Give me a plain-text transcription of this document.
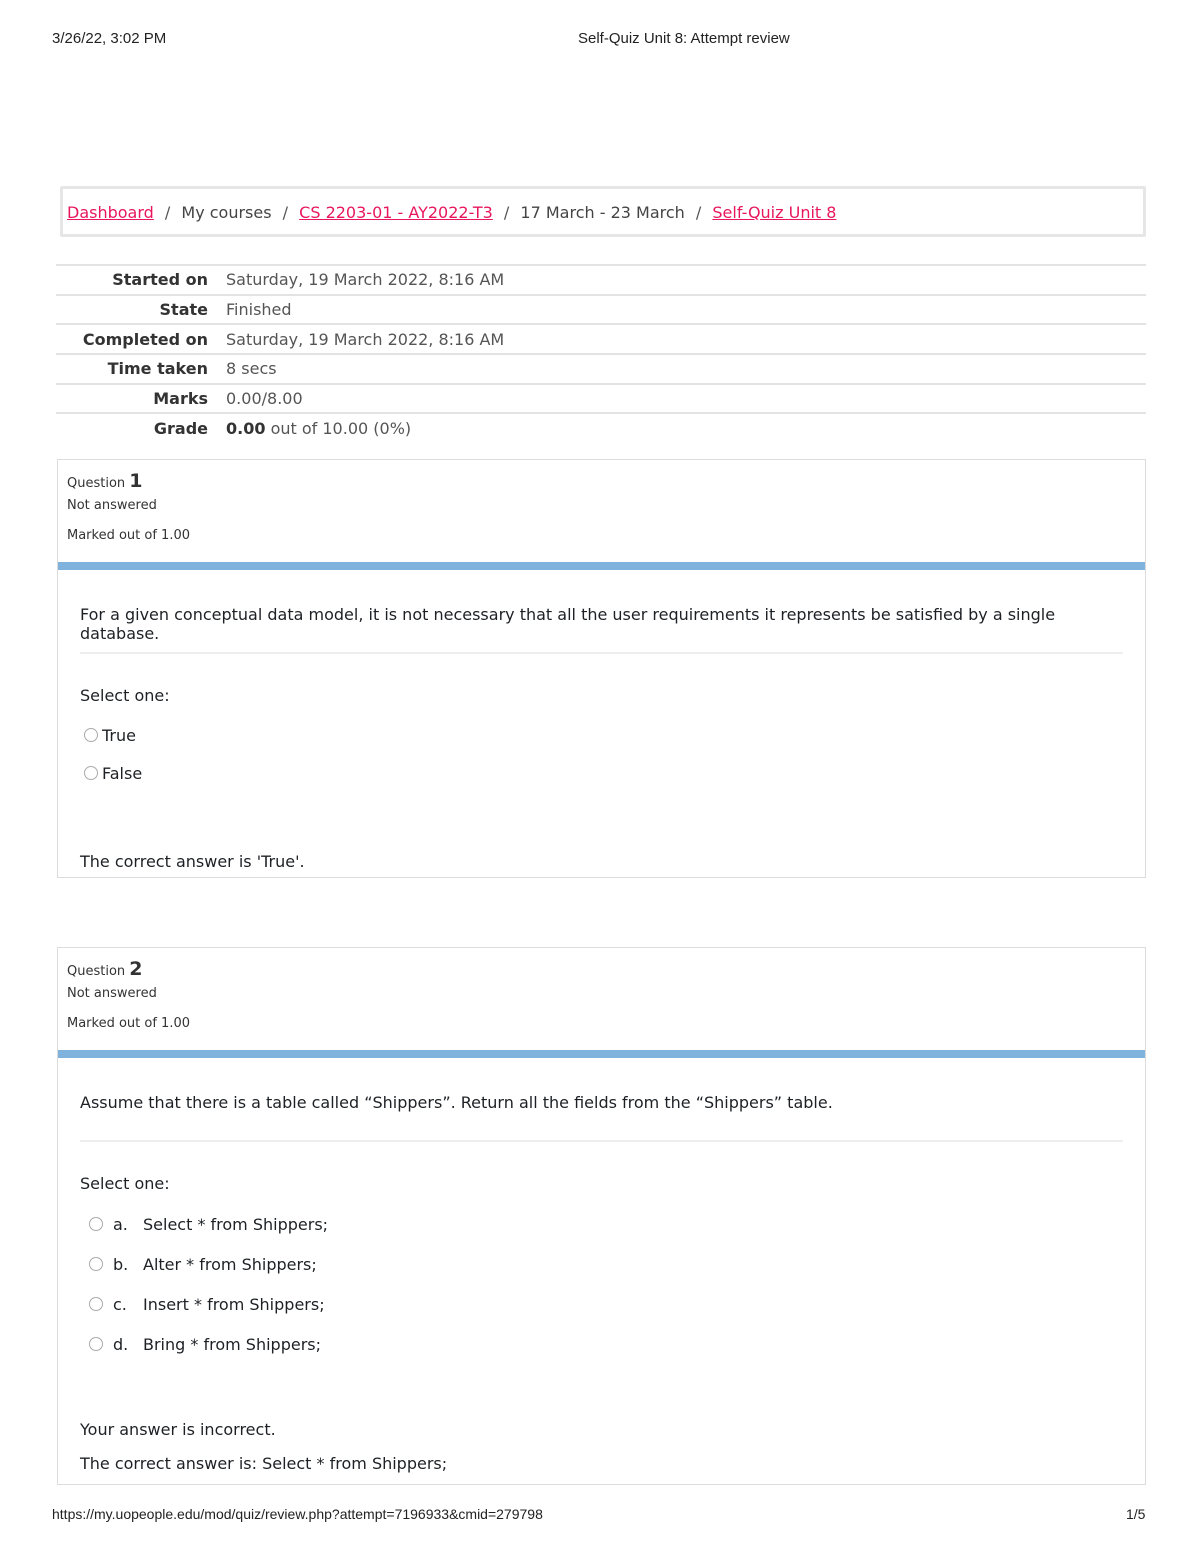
3/26/22, 3:02 PM	Self-Quiz Unit 8: Attempt review
Dashboard / My courses / CS 2203-01 - AY2022-T3 / 17 March - 23 March / Self-Quiz Unit 8
Started on	Saturday, 19 March 2022, 8:16 AM
State	Finished
Completed on	Saturday, 19 March 2022, 8:16 AM
Time taken	8 secs
Marks	0.00/8.00
Grade	0.00 out of 10.00 (0%)
Question 1
Not answered
Marked out of 1.00
For a given conceptual data model, it is not necessary that all the user requirements it represents be satisfied by a single database.
Select one:
True
False
The correct answer is 'True'.
Question 2
Not answered
Marked out of 1.00
Assume that there is a table called “Shippers”. Return all the fields from the “Shippers” table.
Select one:
a. Select * from Shippers;
b. Alter * from Shippers;
c.	Insert * from Shippers;
d. Bring * from Shippers;
Your answer is incorrect.
The correct answer is: Select * from Shippers;
https://my.uopeople.edu/mod/quiz/review.php?attempt=7196933&cmid=279798	1/5
